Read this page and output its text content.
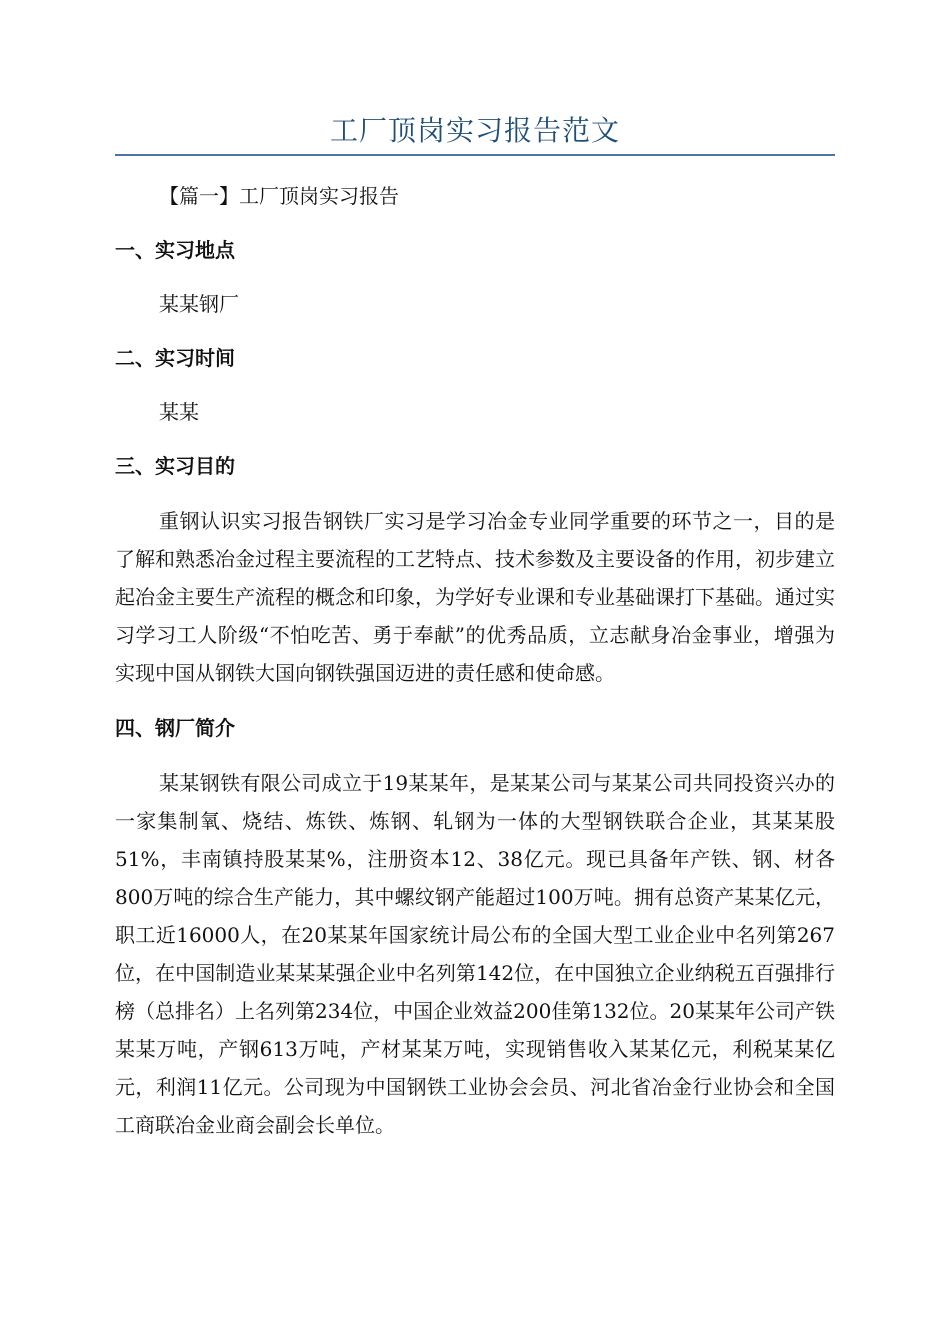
工厂顶岗实习报告范文

【篇一】工厂顶岗实习报告

一、实习地点

某某钢厂

二、实习时间

某某

三、实习目的

重钢认识实习报告钢铁厂实习是学习冶金专业同学重要的环节之一，目的是了解和熟悉冶金过程主要流程的工艺特点、技术参数及主要设备的作用，初步建立起冶金主要生产流程的概念和印象，为学好专业课和专业基础课打下基础。通过实习学习工人阶级“不怕吃苦、勇于奉献”的优秀品质，立志献身冶金事业，增强为实现中国从钢铁大国向钢铁强国迈进的责任感和使命感。

四、钢厂简介

某某钢铁有限公司成立于19某某年，是某某公司与某某公司共同投资兴办的一家集制氧、烧结、炼铁、炼钢、轧钢为一体的大型钢铁联合企业，其某某股51%，丰南镇持股某某%，注册资本12、38亿元。现已具备年产铁、钢、材各800万吨的综合生产能力，其中螺纹钢产能超过100万吨。拥有总资产某某亿元，职工近16000人，在20某某年国家统计局公布的全国大型工业企业中名列第267位，在中国制造业某某某强企业中名列第142位，在中国独立企业纳税五百强排行榜（总排名）上名列第234位，中国企业效益200佳第132位。20某某年公司产铁某某万吨，产钢613万吨，产材某某万吨，实现销售收入某某亿元，利税某某亿元，利润11亿元。公司现为中国钢铁工业协会会员、河北省冶金行业协会和全国工商联冶金业商会副会长单位。
